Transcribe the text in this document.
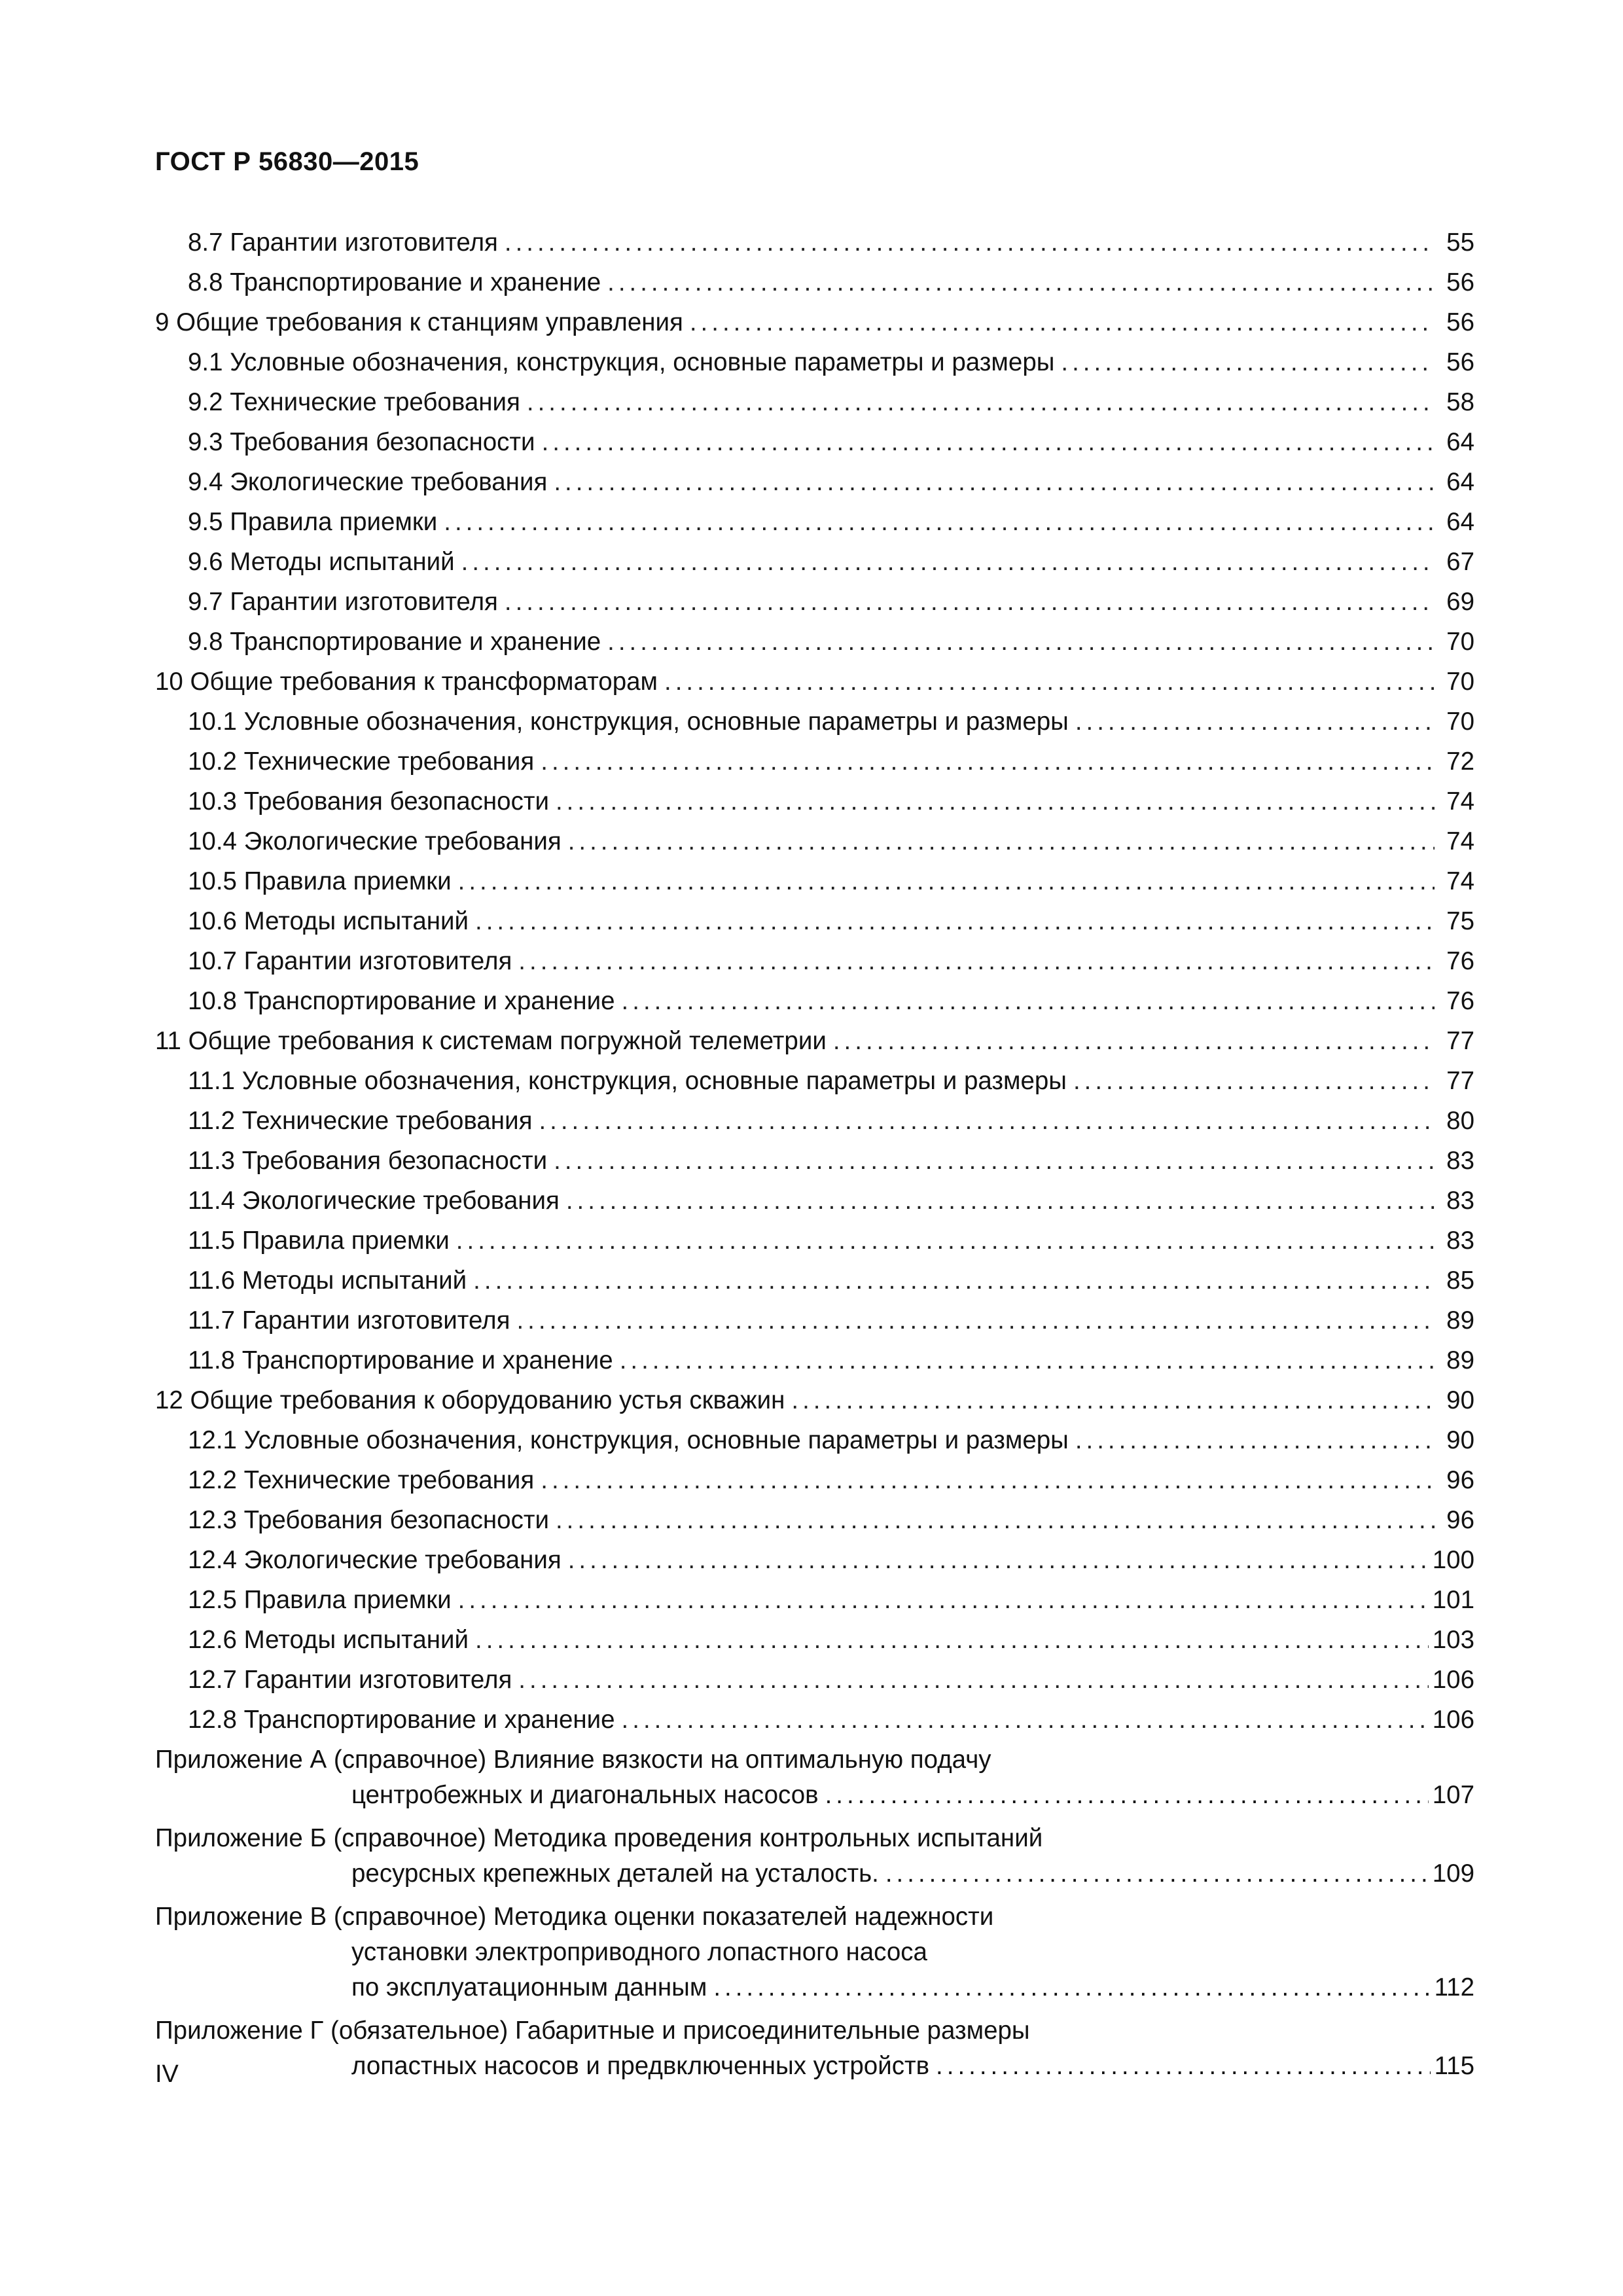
ГОСТ Р 56830—2015
8.7 Гарантии изготовителя .....	55
8.8 Транспортирование и хранение .....	56
9 Общие требования к станциям управления .....	56
9.1 Условные обозначения, конструкция, основные параметры и размеры .....	56
9.2 Технические требования .....	58
9.3 Требования безопасности .....	64
9.4 Экологические требования .....	64
9.5 Правила приемки .....	64
9.6 Методы испытаний .....	67
9.7 Гарантии изготовителя .....	69
9.8 Транспортирование и хранение .....	70
10 Общие требования к трансформаторам .....	70
10.1 Условные обозначения, конструкция, основные параметры и размеры .....	70
10.2 Технические требования .....	72
10.3 Требования безопасности .....	74
10.4 Экологические требования .....	74
10.5 Правила приемки .....	74
10.6 Методы испытаний .....	75
10.7 Гарантии изготовителя .....	76
10.8 Транспортирование и хранение .....	76
11 Общие требования к системам погружной телеметрии .....	77
11.1 Условные обозначения, конструкция, основные параметры и размеры .....	77
11.2 Технические требования .....	80
11.3 Требования безопасности .....	83
11.4 Экологические требования .....	83
11.5 Правила приемки .....	83
11.6 Методы испытаний .....	85
11.7 Гарантии изготовителя .....	89
11.8 Транспортирование и хранение .....	89
12 Общие требования к оборудованию устья скважин .....	90
12.1 Условные обозначения, конструкция, основные параметры и размеры .....	90
12.2 Технические требования .....	96
12.3 Требования безопасности .....	96
12.4 Экологические требования .....	100
12.5 Правила приемки .....	101
12.6 Методы испытаний .....	103
12.7 Гарантии изготовителя .....	106
12.8 Транспортирование и хранение .....	106
Приложение А (справочное) Влияние вязкости на оптимальную подачу
центробежных и диагональных насосов .....	107
Приложение Б (справочное) Методика проведения контрольных испытаний
ресурсных крепежных деталей на усталость. .....	109
Приложение В (справочное) Методика оценки показателей надежности
установки электроприводного лопастного насоса
по эксплуатационным данным .....	112
Приложение Г (обязательное) Габаритные и присоединительные размеры
лопастных насосов и предвключенных устройств .....	115
IV
